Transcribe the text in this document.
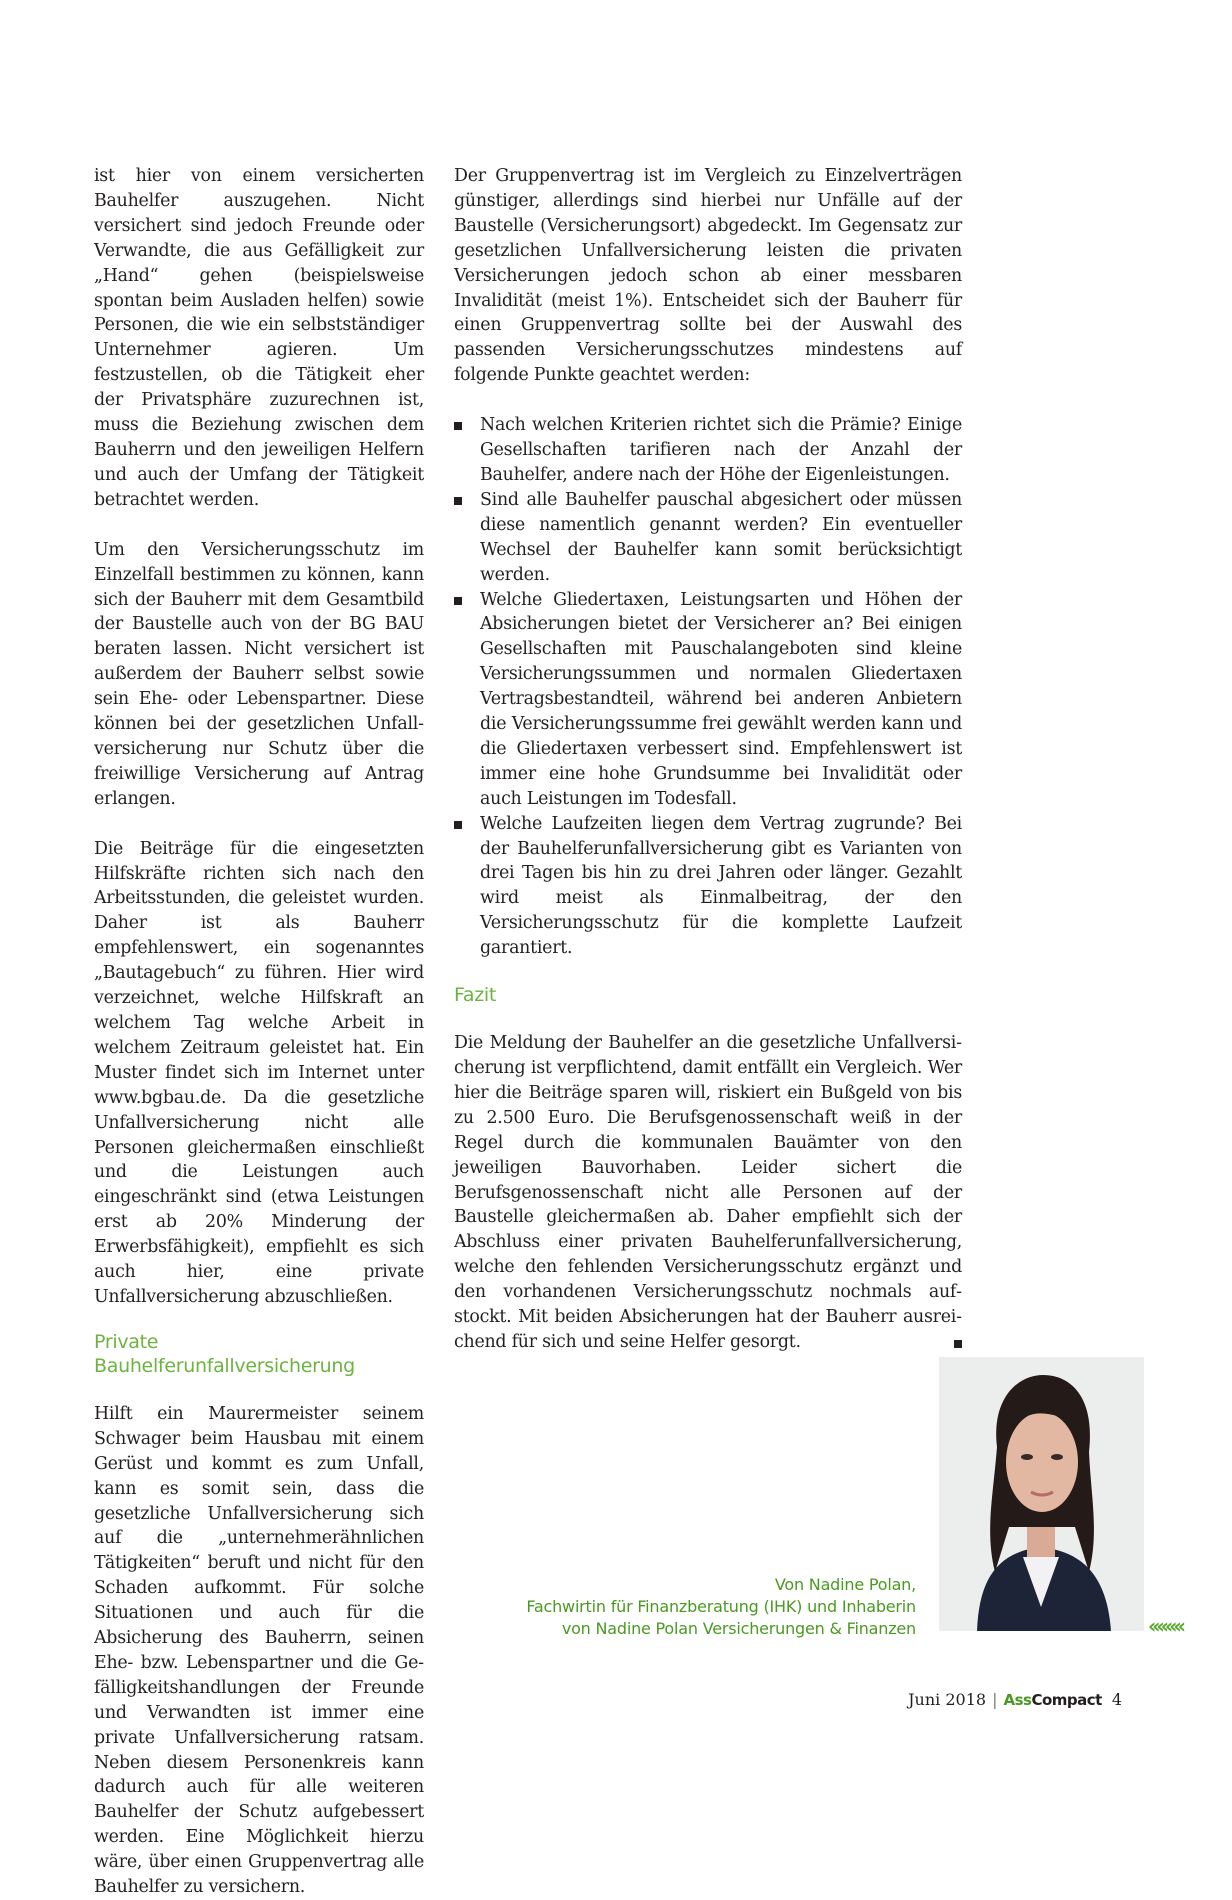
ist hier von einem versicherten Bauhelfer auszugehen. Nicht versichert sind jedoch Freunde oder Verwandte, die aus Gefälligkeit zur „Hand“ gehen (beispielsweise spontan beim Ausladen helfen) sowie Personen, die wie ein selbstständiger Unternehmer agieren. Um festzustellen, ob die Tätigkeit eher der Privatsphäre zuzurechnen ist, muss die Beziehung zwischen dem Bauherrn und den jeweiligen Helfern und auch der Umfang der Tätigkeit betrachtet werden.

Um den Versicherungsschutz im Einzelfall bestimmen zu können, kann sich der Bauherr mit dem Gesamtbild der Baustelle auch von der BG BAU beraten lassen. Nicht versichert ist außerdem der Bauherr selbst sowie sein Ehe- oder Lebenspartner. Diese können bei der gesetzlichen Unfallversicherung nur Schutz über die freiwillige Versicherung auf Antrag erlangen.

Die Beiträge für die eingesetzten Hilfskräfte richten sich nach den Arbeitsstunden, die geleistet wurden. Daher ist als Bauherr empfehlenswert, ein sogenanntes „Bautagebuch“ zu führen. Hier wird verzeichnet, welche Hilfskraft an welchem Tag welche Arbeit in welchem Zeitraum geleistet hat. Ein Muster findet sich im Internet unter www.bgbau.de. Da die gesetzliche Unfallversicherung nicht alle Personen gleichermaßen einschließt und die Leistungen auch eingeschränkt sind (etwa Leistungen erst ab 20% Minderung der Erwerbsfähigkeit), empfiehlt es sich auch hier, eine private Unfallversicherung abzuschließen.

Private Bauhelferunfallversicherung

Hilft ein Maurermeister seinem Schwager beim Hausbau mit einem Gerüst und kommt es zum Unfall, kann es somit sein, dass die gesetzliche Unfallversicherung sich auf die „unternehmerähnlichen Tätigkeiten“ beruft und nicht für den Schaden aufkommt. Für solche Situationen und auch für die Absicherung des Bauherrn, seinen Ehe- bzw. Lebenspartner und die Gefälligkeitshandlungen der Freunde und Verwandten ist immer eine private Unfallversicherung ratsam. Neben diesem Personenkreis kann dadurch auch für alle weiteren Bauhelfer der Schutz aufgebessert werden. Eine Möglichkeit hierzu wäre, über einen Gruppenvertrag alle Bauhelfer zu versichern.

Der Gruppenvertrag ist im Vergleich zu Einzelverträgen günstiger, allerdings sind hierbei nur Unfälle auf der Baustelle (Versicherungsort) abgedeckt. Im Gegensatz zur gesetzlichen Unfallversicherung leisten die privaten Versicherungen jedoch schon ab einer messbaren Invalidität (meist 1%). Entscheidet sich der Bauherr für einen Gruppenvertrag sollte bei der Auswahl des passenden Versicherungsschutzes mindestens auf folgende Punkte geachtet werden:

Nach welchen Kriterien richtet sich die Prämie? Einige Gesellschaften tarifieren nach der Anzahl der Bauhelfer, andere nach der Höhe der Eigenleistungen.

Sind alle Bauhelfer pauschal abgesichert oder müssen diese namentlich genannt werden? Ein eventueller Wechsel der Bauhelfer kann somit berücksichtigt werden.

Welche Gliedertaxen, Leistungsarten und Höhen der Absicherungen bietet der Versicherer an? Bei einigen Gesellschaften mit Pauschalangeboten sind kleine Versicherungssummen und normalen Gliedertaxen Vertragsbestandteil, während bei anderen Anbietern die Versicherungssumme frei gewählt werden kann und die Gliedertaxen verbessert sind. Empfehlenswert ist immer eine hohe Grundsumme bei Invalidität oder auch Leistungen im Todesfall.

Welche Laufzeiten liegen dem Vertrag zugrunde? Bei der Bauhelferunfallversicherung gibt es Varianten von drei Tagen bis hin zu drei Jahren oder länger. Gezahlt wird meist als Einmalbeitrag, der den Versicherungsschutz für die komplette Laufzeit garantiert.

Fazit

Die Meldung der Bauhelfer an die gesetzliche Unfallversicherung ist verpflichtend, damit entfällt ein Vergleich. Wer hier die Beiträge sparen will, riskiert ein Bußgeld von bis zu 2.500 Euro. Die Berufsgenossenschaft weiß in der Regel durch die kommunalen Bauämter von den jeweiligen Bauvorhaben. Leider sichert die Berufsgenossenschaft nicht alle Personen auf der Baustelle gleichermaßen ab. Daher empfiehlt sich der Abschluss einer privaten Bauhelferunfallversicherung, welche den fehlenden Versicherungsschutz ergänzt und den vorhandenen Versicherungsschutz nochmals aufstockt. Mit beiden Absicherungen hat der Bauherr ausreichend für sich und seine Helfer gesorgt.

Von Nadine Polan,
Fachwirtin für Finanzberatung (IHK) und Inhaberin
von Nadine Polan Versicherungen & Finanzen	‹‹‹‹‹‹‹‹
Juni 2018 | AssCompact 4
